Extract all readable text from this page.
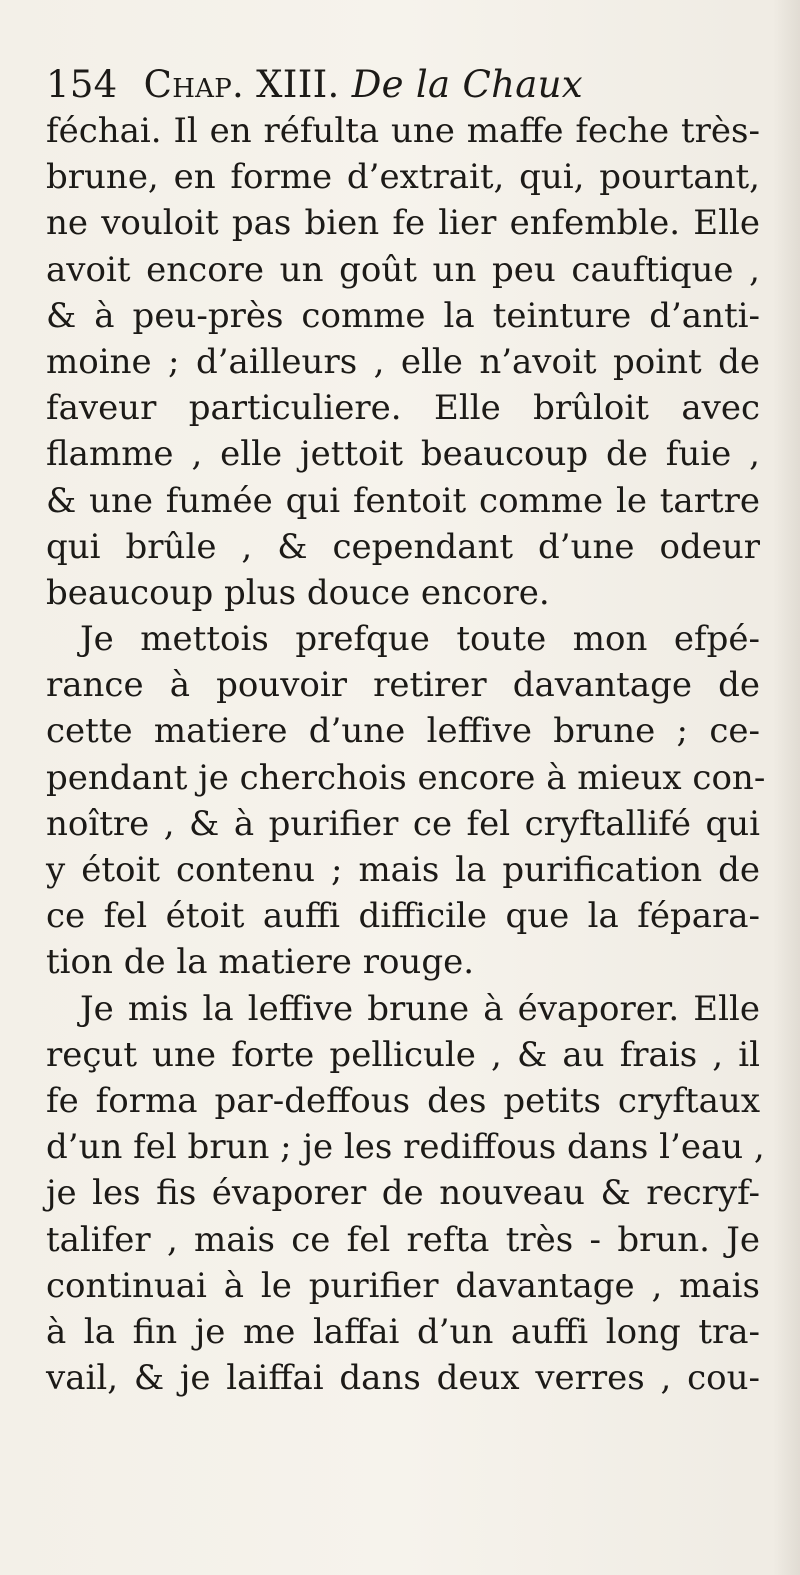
154 Chap. XIII. De la Chaux
féchai. Il en réfulta une maffe feche très-
brune, en forme d’extrait, qui, pourtant,
ne vouloit pas bien fe lier enfemble. Elle
avoit encore un goût un peu cauftique ,
& à peu-près comme la teinture d’anti-
moine ; d’ailleurs , elle n’avoit point de
faveur particuliere. Elle brûloit avec
flamme , elle jettoit beaucoup de fuie ,
& une fumée qui fentoit comme le tartre
qui brûle , & cependant d’une odeur
beaucoup plus douce encore.
Je mettois prefque toute mon efpé-
rance à pouvoir retirer davantage de
cette matiere d’une leffive brune ; ce-
pendant je cherchois encore à mieux con-
noître , & à purifier ce fel cryftallifé qui
y étoit contenu ; mais la purification de
ce fel étoit auffi difficile que la fépara-
tion de la matiere rouge.
Je mis la leffive brune à évaporer. Elle
reçut une forte pellicule , & au frais , il
fe forma par-deffous des petits cryftaux
d’un fel brun ; je les rediffous dans l’eau ,
je les fis évaporer de nouveau & recryf-
talifer , mais ce fel refta très - brun. Je
continuai à le purifier davantage , mais
à la fin je me laffai d’un auffi long tra-
vail, & je laiffai dans deux verres , cou-
